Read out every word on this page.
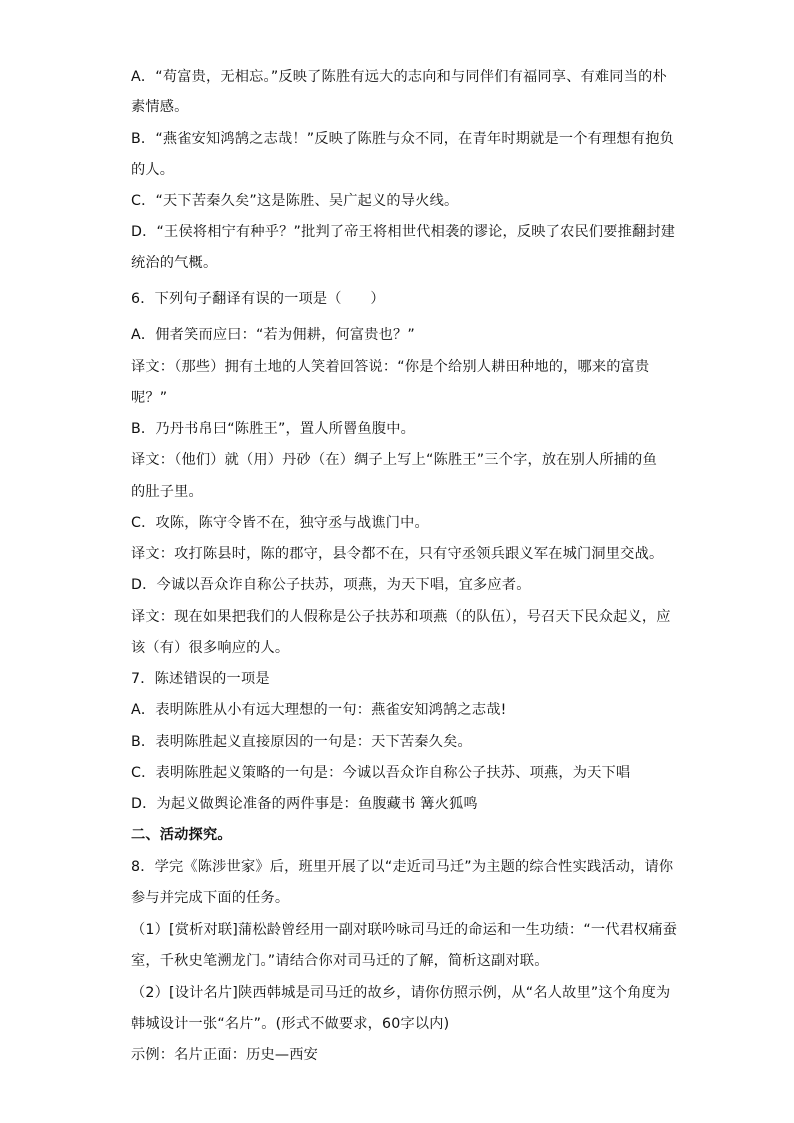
A．“苟富贵，无相忘。”反映了陈胜有远大的志向和与同伴们有福同享、有难同当的朴
素情感。
B．“燕雀安知鸿鹄之志哉！”反映了陈胜与众不同，在青年时期就是一个有理想有抱负
的人。
C．“天下苦秦久矣”这是陈胜、吴广起义的导火线。
D．“王侯将相宁有种乎？”批判了帝王将相世代相袭的谬论，反映了农民们要推翻封建
统治的气概。
6．下列句子翻译有误的一项是（　　）
A．佣者笑而应曰：“若为佣耕，何富贵也？”
译文：（那些）拥有土地的人笑着回答说：“你是个给别人耕田种地的，哪来的富贵
呢？”
B．乃丹书帛曰“陈胜王”，置人所罾鱼腹中。
译文：（他们）就（用）丹砂（在）绸子上写上“陈胜王”三个字，放在别人所捕的鱼
的肚子里。
C．攻陈，陈守令皆不在，独守丞与战谯门中。
译文：攻打陈县时，陈的郡守，县令都不在，只有守丞领兵跟义军在城门洞里交战。
D．今诚以吾众诈自称公子扶苏，项燕，为天下唱，宜多应者。
译文：现在如果把我们的人假称是公子扶苏和项燕（的队伍），号召天下民众起义，应
该（有）很多响应的人。
7．陈述错误的一项是
A．表明陈胜从小有远大理想的一句：燕雀安知鸿鹄之志哉!
B．表明陈胜起义直接原因的一句是：天下苦秦久矣。
C．表明陈胜起义策略的一句是：今诚以吾众诈自称公子扶苏、项燕，为天下唱
D．为起义做舆论准备的两件事是：鱼腹藏书 篝火狐鸣
二、活动探究。
8．学完《陈涉世家》后，班里开展了以“走近司马迁”为主题的综合性实践活动，请你
参与并完成下面的任务。
（1）[赏析对联]蒲松龄曾经用一副对联吟咏司马迁的命运和一生功绩：“一代君权痛蚕
室，千秋史笔溯龙门。”请结合你对司马迁的了解，简析这副对联。
（2）[设计名片]陕西韩城是司马迁的故乡，请你仿照示例，从“名人故里”这个角度为
韩城设计一张“名片”。(形式不做要求，60字以内)
示例：名片正面：历史—西安
